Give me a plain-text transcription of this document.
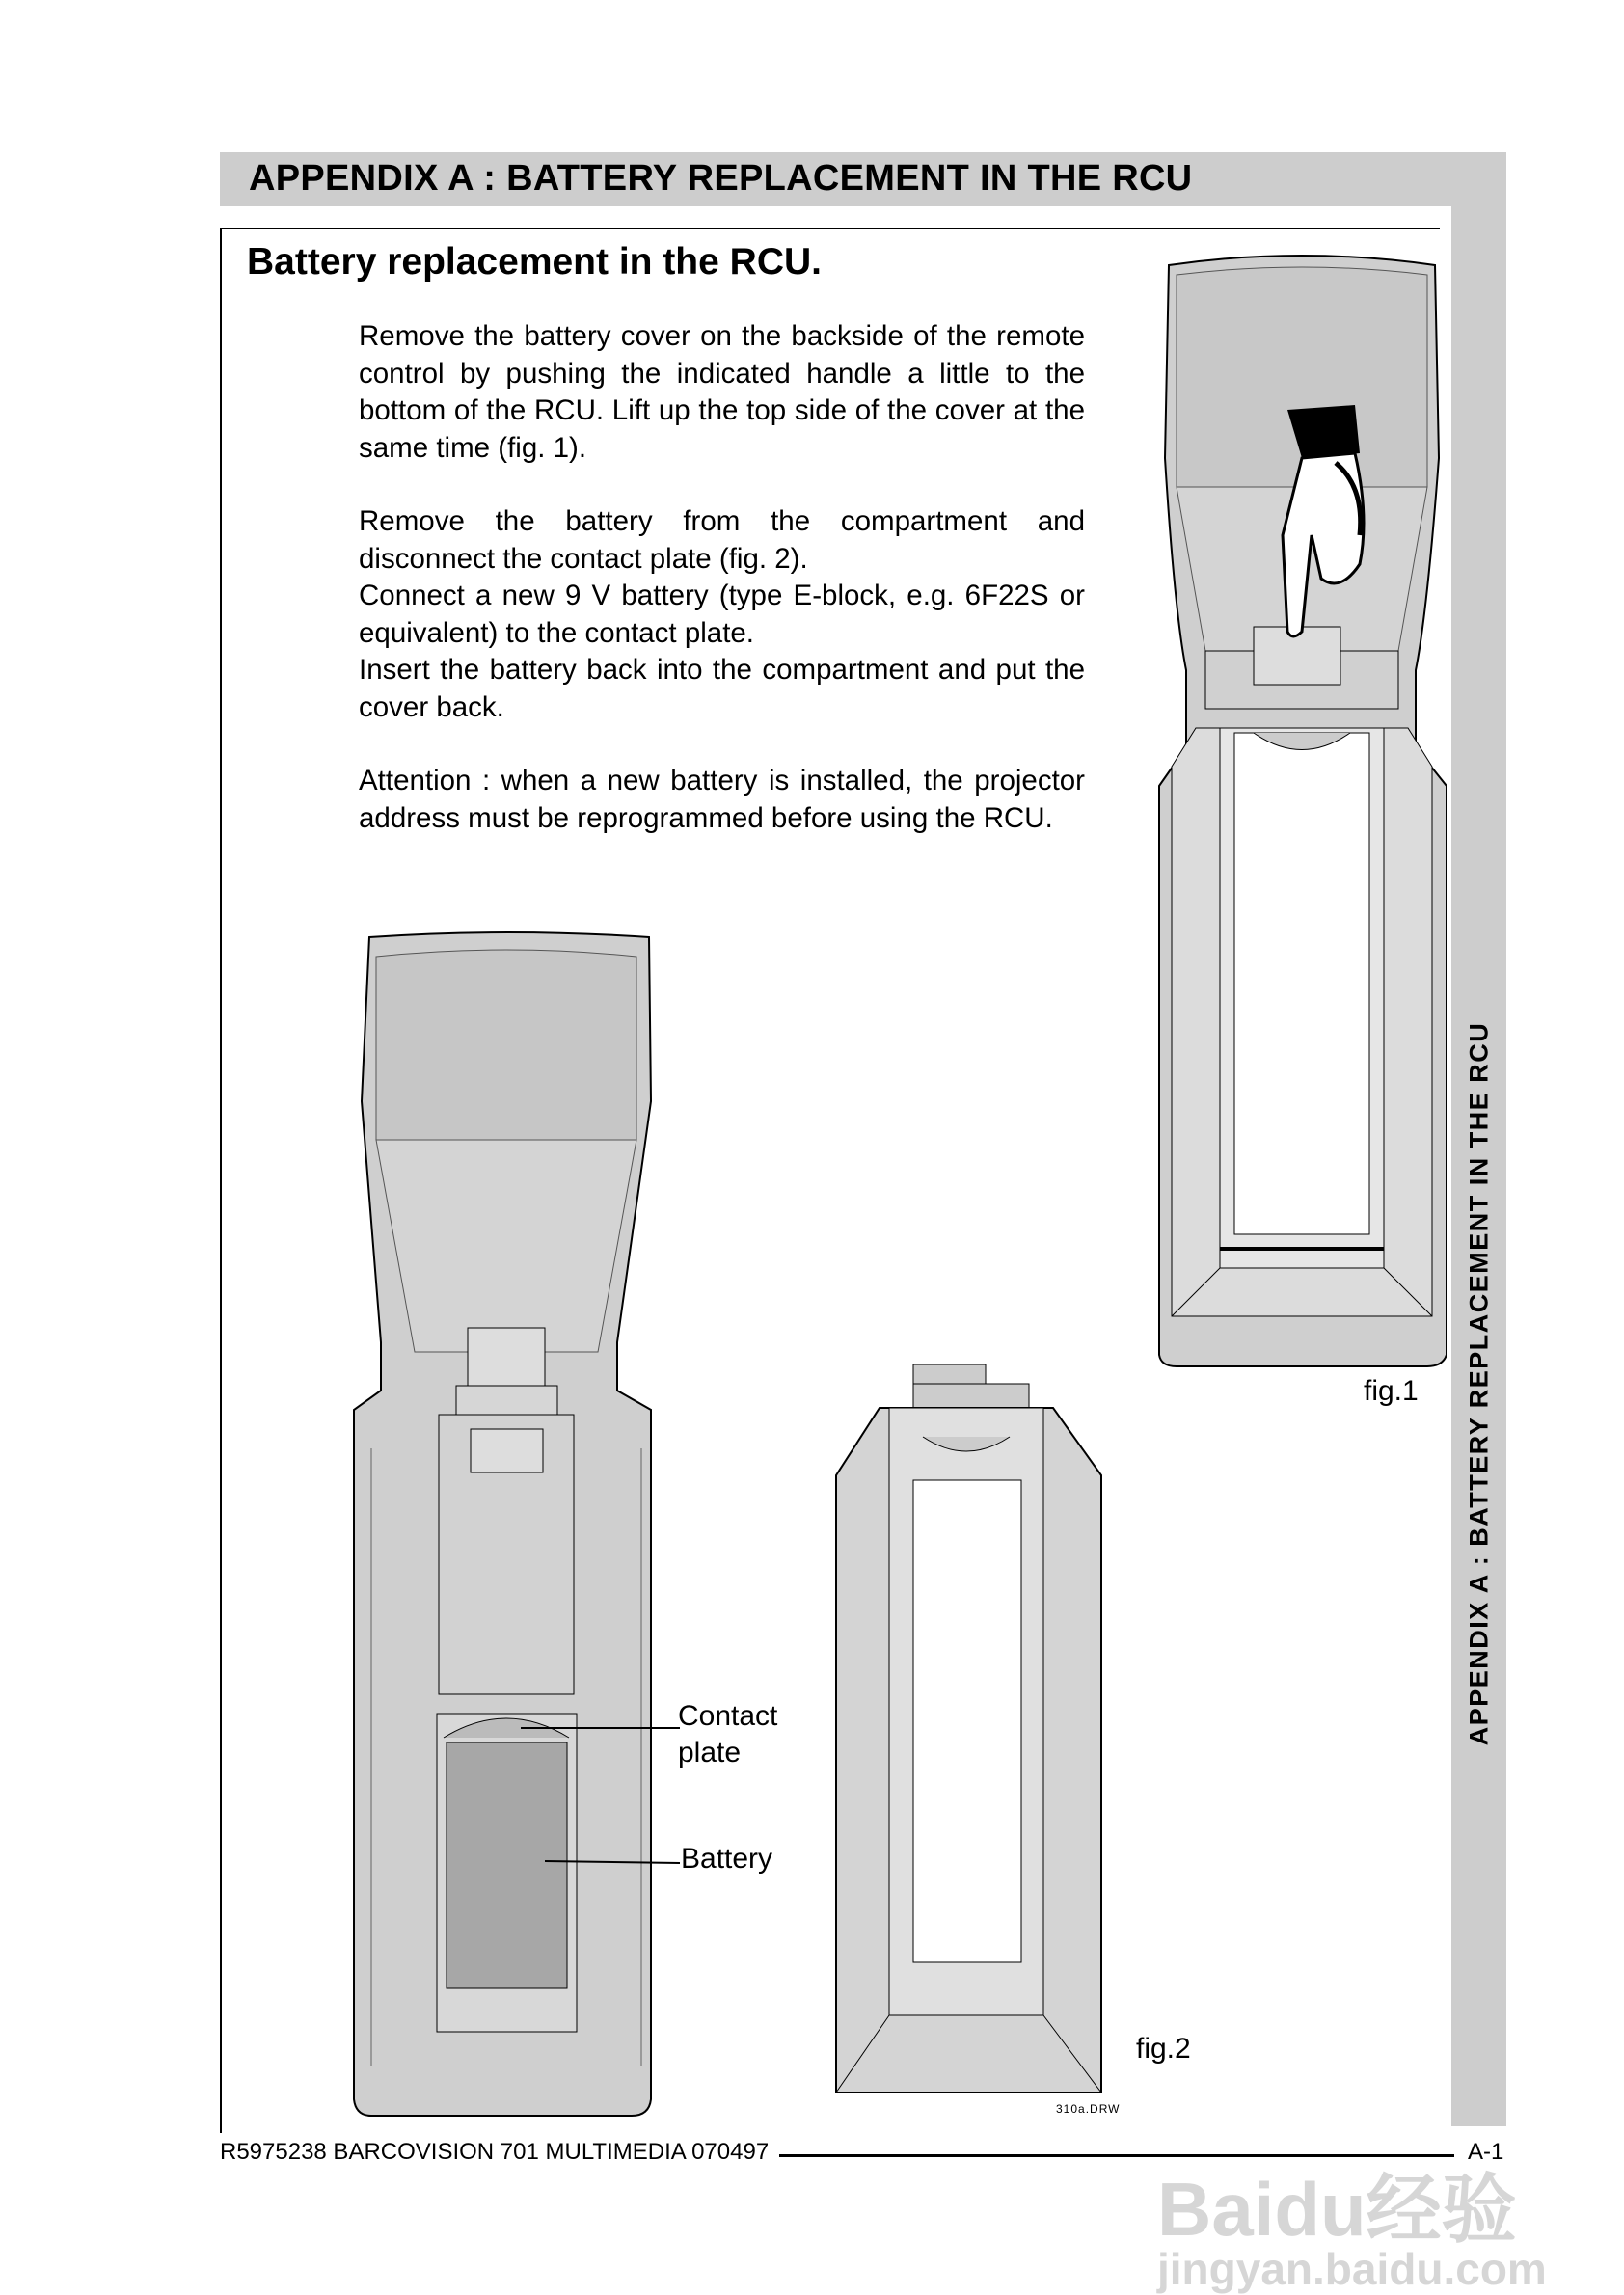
APPENDIX A : BATTERY REPLACEMENT IN THE RCU
APPENDIX A : BATTERY REPLACEMENT IN THE RCU
Battery replacement in the RCU.

Remove the battery cover on the backside of the remote control by pushing the indicated handle a little to the bottom of the RCU. Lift up the top side of the cover at the same time (fig. 1).

Remove the battery from the compartment and disconnect the contact plate (fig. 2).

Connect a new 9 V battery (type E-block, e.g. 6F22S or equivalent) to the contact plate.

Insert the battery back into the compartment and put the cover back.

Attention : when a new battery is installed, the projector address must be reprogrammed before using the RCU.

fig.1
Contact plate
Battery
fig.2
310a.DRW
R5975238 BARCOVISION 701 MULTIMEDIA 070497	A-1
Baidu经验
jingyan.baidu.com
